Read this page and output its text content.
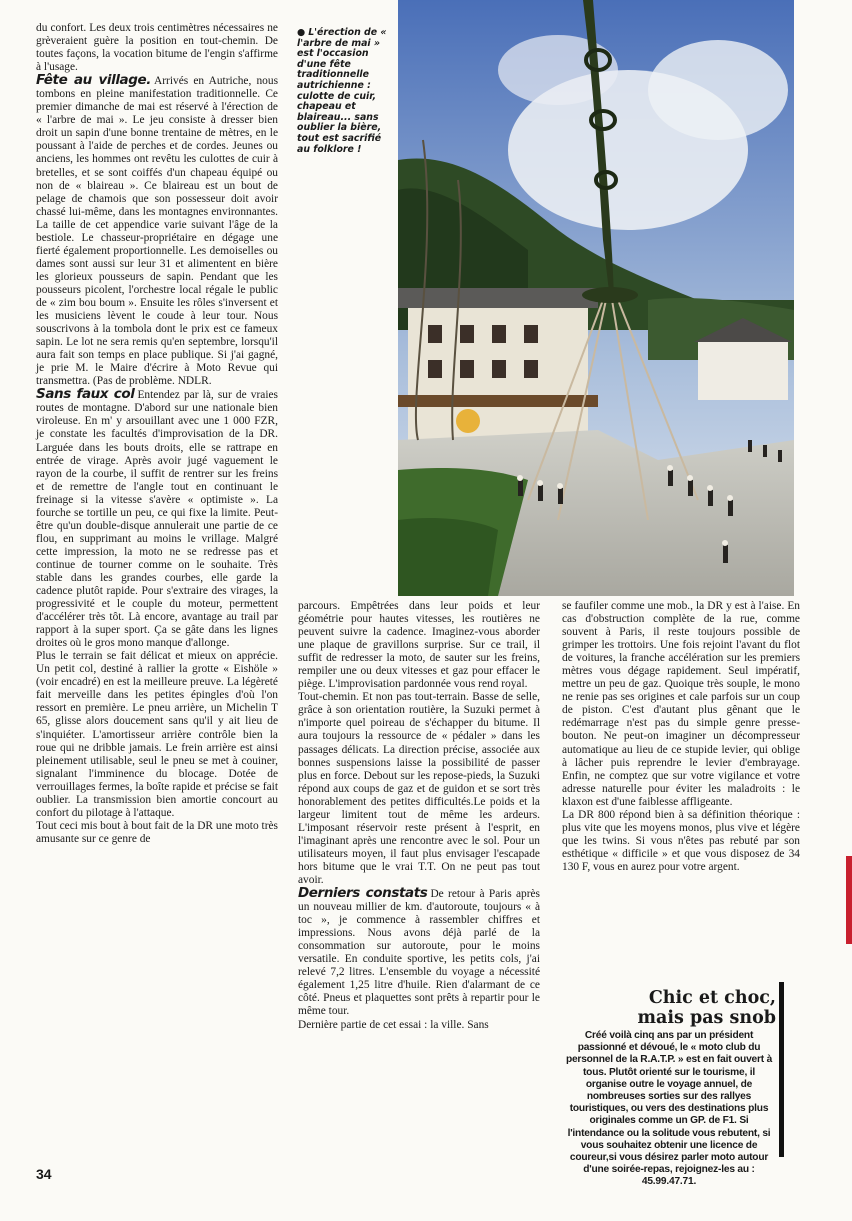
du confort. Les deux trois centimètres nécessaires ne grèveraient guère la position en tout-chemin. De toutes façons, la vocation bitume de l'engin s'affirme à l'usage.

Fête au village. Arrivés en Autriche, nous tombons en pleine manifestation traditionnelle. Ce premier dimanche de mai est réservé à l'érection de « l'arbre de mai ». Le jeu consiste à dresser bien droit un sapin d'une bonne trentaine de mètres, en le poussant à l'aide de perches et de cordes. Jeunes ou anciens, les hommes ont revêtu les culottes de cuir à bretelles, et se sont coiffés d'un chapeau équipé ou non de « blaireau ». Ce blaireau est un bout de pelage de chamois que son possesseur doit avoir chassé lui-même, dans les montagnes environnantes. La taille de cet appendice varie suivant l'âge de la bestiole. Le chasseur-propriétaire en dégage une fierté également proportionnelle. Les demoiselles ou dames sont aussi sur leur 31 et alimentent en bière les glorieux pousseurs de sapin. Pendant que les pousseurs picolent, l'orchestre local régale le public de « zim bou boum ». Ensuite les rôles s'inversent et les musiciens lèvent le coude à leur tour. Nous souscrivons à la tombola dont le prix est ce fameux sapin. Le lot ne sera remis qu'en septembre, lorsqu'il aura fait son temps en place publique. Si j'ai gagné, je prie M. le Maire d'écrire à Moto Revue qui transmettra. (Pas de problème. NDLR.

Sans faux col Entendez par là, sur de vraies routes de montagne. D'abord sur une nationale bien viroleuse. En m' y arsouillant avec une 1 000 FZR, je constate les facultés d'improvisation de la DR. Larguée dans les bouts droits, elle se rattrape en entrée de virage. Après avoir jugé vaguement le rayon de la courbe, il suffit de rentrer sur les freins et de remettre de l'angle tout en continuant le freinage si la vitesse s'avère « optimiste ». La fourche se tortille un peu, ce qui fixe la limite. Peut-être qu'un double-disque annulerait une partie de ce flou, en supprimant au moins le vrillage. Malgré cette impression, la moto ne se redresse pas et continue de tourner comme on le souhaite. Très stable dans les grandes courbes, elle garde la cadence plutôt rapide. Pour s'extraire des virages, la progressivité et le couple du moteur, permettent d'accélérer très tôt. Là encore, avantage au trail par rapport à la super sport. Ça se gâte dans les lignes droites où le gros mono manque d'allonge.

Plus le terrain se fait délicat et mieux on apprécie. Un petit col, destiné à rallier la grotte « Eishöle » (voir encadré) en est la meilleure preuve. La légèreté fait merveille dans les petites épingles d'où l'on ressort en première. Le pneu arrière, un Michelin T 65, glisse alors doucement sans qu'il y ait lieu de s'inquiéter. L'amortisseur arrière contrôle bien la roue qui ne dribble jamais. Le frein arrière est ainsi pleinement utilisable, seul le pneu se met à couiner, signalant l'imminence du blocage. Dotée de verrouillages fermes, la boîte rapide et précise se fait oublier. La transmission bien amortie concourt au confort du pilotage à l'attaque.

Tout ceci mis bout à bout fait de la DR une moto très amusante sur ce genre de

● L'érection de « l'arbre de mai » est l'occasion d'une fête traditionnelle autrichienne : culotte de cuir, chapeau et blaireau... sans oublier la bière, tout est sacrifié au folklore !

parcours. Empêtrées dans leur poids et leur géométrie pour hautes vitesses, les routières ne peuvent suivre la cadence. Imaginez-vous aborder une plaque de gravillons surprise. Sur ce trail, il suffit de redresser la moto, de sauter sur les freins, rempiler une ou deux vitesses et gaz pour effacer le piège. L'improvisation pardonnée vous rend royal.

Tout-chemin. Et non pas tout-terrain. Basse de selle, grâce à son orientation routière, la Suzuki permet à n'importe quel poireau de s'échapper du bitume. Il aura toujours la ressource de « pédaler » dans les passages délicats. La direction précise, associée aux bonnes suspensions laisse la possibilité de passer plus en force. Debout sur les repose-pieds, la Suzuki répond aux coups de gaz et de guidon et se sort très honorablement des petites difficultés.Le poids et la largeur limitent tout de même les ardeurs. L'imposant réservoir reste présent à l'esprit, en l'imaginant après une rencontre avec le sol. Pour un utilisateurs moyen, il faut plus envisager l'escapade hors bitume que le vrai T.T. On ne peut pas tout avoir.

Derniers constats De retour à Paris après un nouveau millier de km. d'autoroute, toujours « à toc », je commence à rassembler chiffres et impressions. Nous avons déjà parlé de la consommation sur autoroute, pour le moins versatile. En conduite sportive, les petits cols, j'ai relevé 7,2 litres. L'ensemble du voyage a nécessité également 1,25 litre d'huile. Rien d'alarmant de ce côté. Pneus et plaquettes sont prêts à repartir pour le même tour.

Dernière partie de cet essai : la ville. Sans

se faufiler comme une mob., la DR y est à l'aise. En cas d'obstruction complète de la rue, comme souvent à Paris, il reste toujours possible de grimper les trottoirs. Une fois rejoint l'avant du flot de voitures, la franche accélération sur les premiers mètres vous dégage rapidement. Seul impératif, mettre un peu de gaz. Quoique très souple, le mono ne renie pas ses origines et cale parfois sur un coup de piston. C'est d'autant plus gênant que le redémarrage n'est pas du simple genre presse-bouton. Ne peut-on imaginer un décompresseur automatique au lieu de ce stupide levier, qui oblige à lâcher puis reprendre le levier d'embrayage. Enfin, ne comptez que sur votre vigilance et votre adresse naturelle pour éviter les maladroits : le klaxon est d'une faiblesse affligeante.

La DR 800 répond bien à sa définition théorique : plus vite que les moyens monos, plus vive et légère que les twins. Si vous n'êtes pas rebuté par son esthétique « difficile » et que vous disposez de 34 130 F, vous en aurez pour votre argent.

Chic et choc,
mais pas snob
Créé voilà cinq ans par un président passionné et dévoué, le « moto club du personnel de la R.A.T.P. » est en fait ouvert à tous. Plutôt orienté sur le tourisme, il organise outre le voyage annuel, de nombreuses sorties sur des rallyes touristiques, ou vers des destinations plus originales comme un GP. de F1. Si l'intendance ou la solitude vous rebutent, si vous souhaitez obtenir une licence de coureur,si vous désirez parler moto autour d'une soirée-repas, rejoignez-les au : 45.99.47.71.
34
